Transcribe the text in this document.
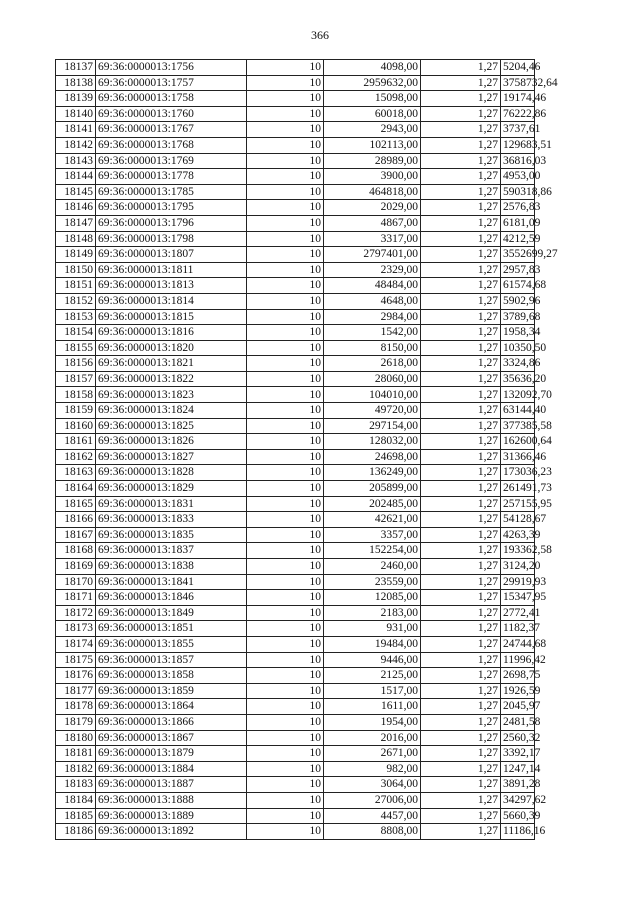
366
18137	69:36:0000013:1756	10	4098,00	1,27	5204,46
18138	69:36:0000013:1757	10	2959632,00	1,27	3758732,64
18139	69:36:0000013:1758	10	15098,00	1,27	19174,46
18140	69:36:0000013:1760	10	60018,00	1,27	76222,86
18141	69:36:0000013:1767	10	2943,00	1,27	3737,61
18142	69:36:0000013:1768	10	102113,00	1,27	129683,51
18143	69:36:0000013:1769	10	28989,00	1,27	36816,03
18144	69:36:0000013:1778	10	3900,00	1,27	4953,00
18145	69:36:0000013:1785	10	464818,00	1,27	590318,86
18146	69:36:0000013:1795	10	2029,00	1,27	2576,83
18147	69:36:0000013:1796	10	4867,00	1,27	6181,09
18148	69:36:0000013:1798	10	3317,00	1,27	4212,59
18149	69:36:0000013:1807	10	2797401,00	1,27	3552699,27
18150	69:36:0000013:1811	10	2329,00	1,27	2957,83
18151	69:36:0000013:1813	10	48484,00	1,27	61574,68
18152	69:36:0000013:1814	10	4648,00	1,27	5902,96
18153	69:36:0000013:1815	10	2984,00	1,27	3789,68
18154	69:36:0000013:1816	10	1542,00	1,27	1958,34
18155	69:36:0000013:1820	10	8150,00	1,27	10350,50
18156	69:36:0000013:1821	10	2618,00	1,27	3324,86
18157	69:36:0000013:1822	10	28060,00	1,27	35636,20
18158	69:36:0000013:1823	10	104010,00	1,27	132092,70
18159	69:36:0000013:1824	10	49720,00	1,27	63144,40
18160	69:36:0000013:1825	10	297154,00	1,27	377385,58
18161	69:36:0000013:1826	10	128032,00	1,27	162600,64
18162	69:36:0000013:1827	10	24698,00	1,27	31366,46
18163	69:36:0000013:1828	10	136249,00	1,27	173036,23
18164	69:36:0000013:1829	10	205899,00	1,27	261491,73
18165	69:36:0000013:1831	10	202485,00	1,27	257155,95
18166	69:36:0000013:1833	10	42621,00	1,27	54128,67
18167	69:36:0000013:1835	10	3357,00	1,27	4263,39
18168	69:36:0000013:1837	10	152254,00	1,27	193362,58
18169	69:36:0000013:1838	10	2460,00	1,27	3124,20
18170	69:36:0000013:1841	10	23559,00	1,27	29919,93
18171	69:36:0000013:1846	10	12085,00	1,27	15347,95
18172	69:36:0000013:1849	10	2183,00	1,27	2772,41
18173	69:36:0000013:1851	10	931,00	1,27	1182,37
18174	69:36:0000013:1855	10	19484,00	1,27	24744,68
18175	69:36:0000013:1857	10	9446,00	1,27	11996,42
18176	69:36:0000013:1858	10	2125,00	1,27	2698,75
18177	69:36:0000013:1859	10	1517,00	1,27	1926,59
18178	69:36:0000013:1864	10	1611,00	1,27	2045,97
18179	69:36:0000013:1866	10	1954,00	1,27	2481,58
18180	69:36:0000013:1867	10	2016,00	1,27	2560,32
18181	69:36:0000013:1879	10	2671,00	1,27	3392,17
18182	69:36:0000013:1884	10	982,00	1,27	1247,14
18183	69:36:0000013:1887	10	3064,00	1,27	3891,28
18184	69:36:0000013:1888	10	27006,00	1,27	34297,62
18185	69:36:0000013:1889	10	4457,00	1,27	5660,39
18186	69:36:0000013:1892	10	8808,00	1,27	11186,16
